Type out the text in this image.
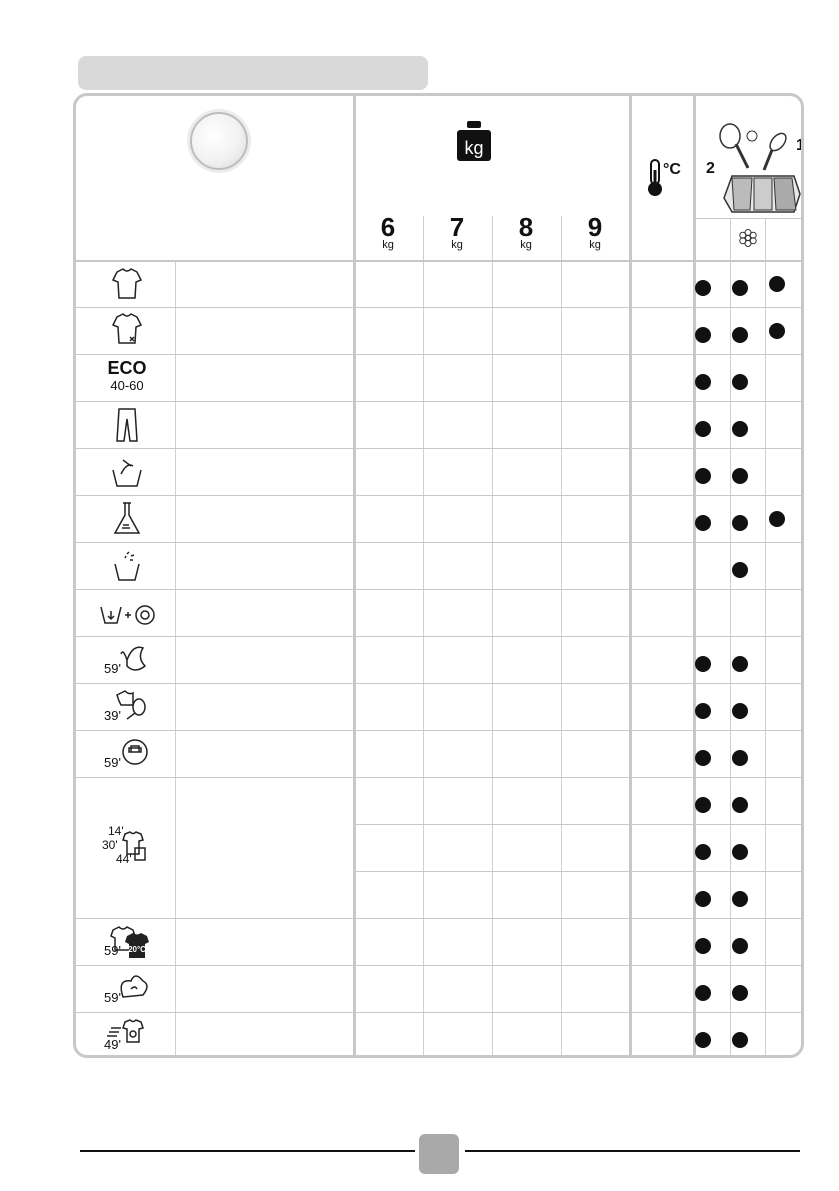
kg
°C
1
2
6
kg
7
kg
8
kg
9
kg
ECO
40-60
59'
39'
59'
14'
30'
44'
20°C
59'
59'
49'
